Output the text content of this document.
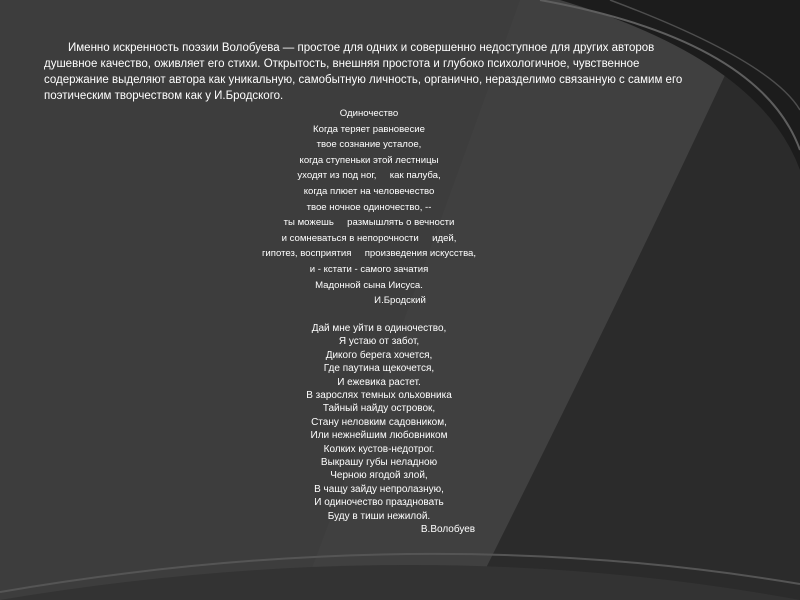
Именно искренность поэзии Волобуева — простое для одних и совершенно недоступное для других авторов душевное качество, оживляет его стихи. Открытость, внешняя простота и глубоко психологичное, чувственное содержание выделяют автора как уникальную, самобытную личность, органично, неразделимо связанную с самим его поэтическим творчеством как у И.Бродского.

Одиночество
Когда теряет равновесие
твое сознание усталое,
когда ступеньки этой лестницы
уходят из под ног,     как палуба,
когда плюет на человечество
твое ночное одиночество, --
ты можешь     размышлять о вечности
и сомневаться в непорочности     идей,
гипотез, восприятия     произведения искусства,
и - кстати - самого зачатия
Мадонной сына Иисуса.
И.Бродский
Дай мне уйти в одиночество,
Я устаю от забот,
Дикого берега хочется,
Где паутина щекочется,
И ежевика растет.
В зарослях темных ольховника
Тайный найду островок,
Стану неловким садовником,
Или нежнейшим любовником
Колких кустов-недотрог.
Выкрашу губы неладною
Черною ягодой злой,
В чащу зайду непролазную,
И одиночество праздновать
Буду в тиши нежилой.
В.Волобуев
